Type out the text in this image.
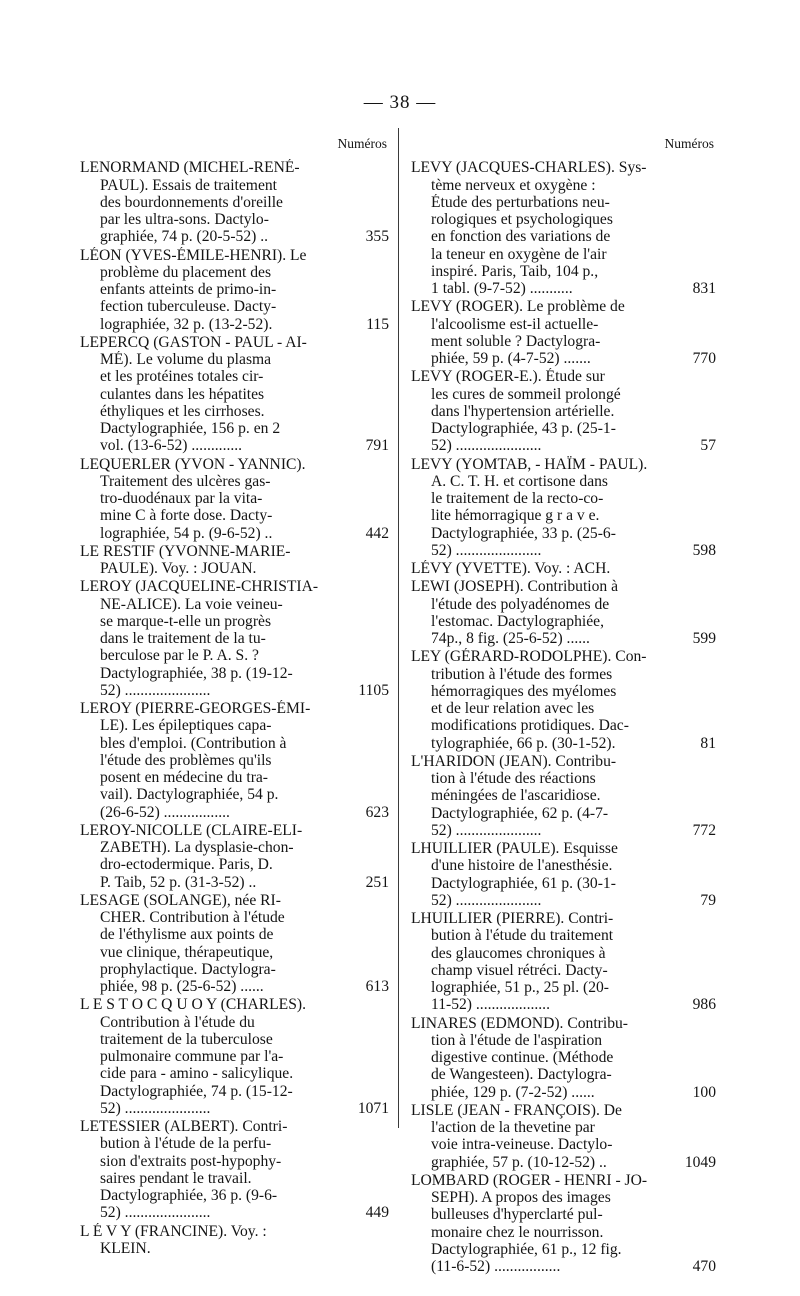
— 38 —
Numéros
LENORMAND (MICHEL-RENÉ-
PAUL). Essais de traitement
des bourdonnements d'oreille
par les ultra-sons. Dactylo-
graphiée, 74 p. (20-5-52) ..	355
LÉON (YVES-ÉMILE-HENRI). Le
problème du placement des
enfants atteints de primo-in-
fection tuberculeuse. Dacty-
lographiée, 32 p. (13-2-52).	115
LEPERCQ (GASTON - PAUL - AI-
MÉ). Le volume du plasma
et les protéines totales cir-
culantes dans les hépatites
éthyliques et les cirrhoses.
Dactylographiée, 156 p. en 2
vol. (13-6-52) .............	791
LEQUERLER (YVON - YANNIC).
Traitement des ulcères gas-
tro-duodénaux par la vita-
mine C à forte dose. Dacty-
lographiée, 54 p. (9-6-52) ..	442
LE RESTIF (YVONNE-MARIE-
PAULE). Voy. : JOUAN.
LEROY (JACQUELINE-CHRISTIA-
NE-ALICE). La voie veineu-
se marque-t-elle un progrès
dans le traitement de la tu-
berculose par le P. A. S. ?
Dactylographiée, 38 p. (19-12-
52) ......................	1105
LEROY (PIERRE-GEORGES-ÉMI-
LE). Les épileptiques capa-
bles d'emploi. (Contribution à
l'étude des problèmes qu'ils
posent en médecine du tra-
vail). Dactylographiée, 54 p.
(26-6-52) .................	623
LEROY-NICOLLE (CLAIRE-ELI-
ZABETH). La dysplasie-chon-
dro-ectodermique. Paris, D.
P. Taib, 52 p. (31-3-52) ..	251
LESAGE (SOLANGE), née RI-
CHER. Contribution à l'étude
de l'éthylisme aux points de
vue clinique, thérapeutique,
prophylactique. Dactylogra-
phiée, 98 p. (25-6-52) ......	613
L E S T O C Q U O Y (CHARLES).
Contribution à l'étude du
traitement de la tuberculose
pulmonaire commune par l'a-
cide para - amino - salicylique.
Dactylographiée, 74 p. (15-12-
52) ......................	1071
LETESSIER (ALBERT). Contri-
bution à l'étude de la perfu-
sion d'extraits post-hypophy-
saires pendant le travail.
Dactylographiée, 36 p. (9-6-
52) ......................	449
L É V Y (FRANCINE). Voy. :
KLEIN.
Numéros
LEVY (JACQUES-CHARLES). Sys-
tème nerveux et oxygène :
Étude des perturbations neu-
rologiques et psychologiques
en fonction des variations de
la teneur en oxygène de l'air
inspiré. Paris, Taib, 104 p.,
1 tabl. (9-7-52) ...........	831
LEVY (ROGER). Le problème de
l'alcoolisme est-il actuelle-
ment soluble ? Dactylogra-
phiée, 59 p. (4-7-52) .......	770
LEVY (ROGER-E.). Étude sur
les cures de sommeil prolongé
dans l'hypertension artérielle.
Dactylographiée, 43 p. (25-1-
52) ......................	57
LEVY (YOMTAB, - HAÏM - PAUL).
A. C. T. H. et cortisone dans
le traitement de la recto-co-
lite hémorragique g r a v e.
Dactylographiée, 33 p. (25-6-
52) ......................	598
LÉVY (YVETTE). Voy. : ACH.
LEWI (JOSEPH). Contribution à
l'étude des polyadénomes de
l'estomac. Dactylographiée,
74p., 8 fig. (25-6-52) ......	599
LEY (GÉRARD-RODOLPHE). Con-
tribution à l'étude des formes
hémorragiques des myélomes
et de leur relation avec les
modifications protidiques. Dac-
tylographiée, 66 p. (30-1-52).	81
L'HARIDON (JEAN). Contribu-
tion à l'étude des réactions
méningées de l'ascaridiose.
Dactylographiée, 62 p. (4-7-
52) ......................	772
LHUILLIER (PAULE). Esquisse
d'une histoire de l'anesthésie.
Dactylographiée, 61 p. (30-1-
52) ......................	79
LHUILLIER (PIERRE). Contri-
bution à l'étude du traitement
des glaucomes chroniques à
champ visuel rétréci. Dacty-
lographiée, 51 p., 25 pl. (20-
11-52) ...................	986
LINARES (EDMOND). Contribu-
tion à l'étude de l'aspiration
digestive continue. (Méthode
de Wangesteen). Dactylogra-
phiée, 129 p. (7-2-52) ......	100
LISLE (JEAN - FRANÇOIS). De
l'action de la thevetine par
voie intra-veineuse. Dactylo-
graphiée, 57 p. (10-12-52) ..	1049
LOMBARD (ROGER - HENRI - JO-
SEPH). A propos des images
bulleuses d'hyperclarté pul-
monaire chez le nourrisson.
Dactylographiée, 61 p., 12 fig.
(11-6-52) .................	470
